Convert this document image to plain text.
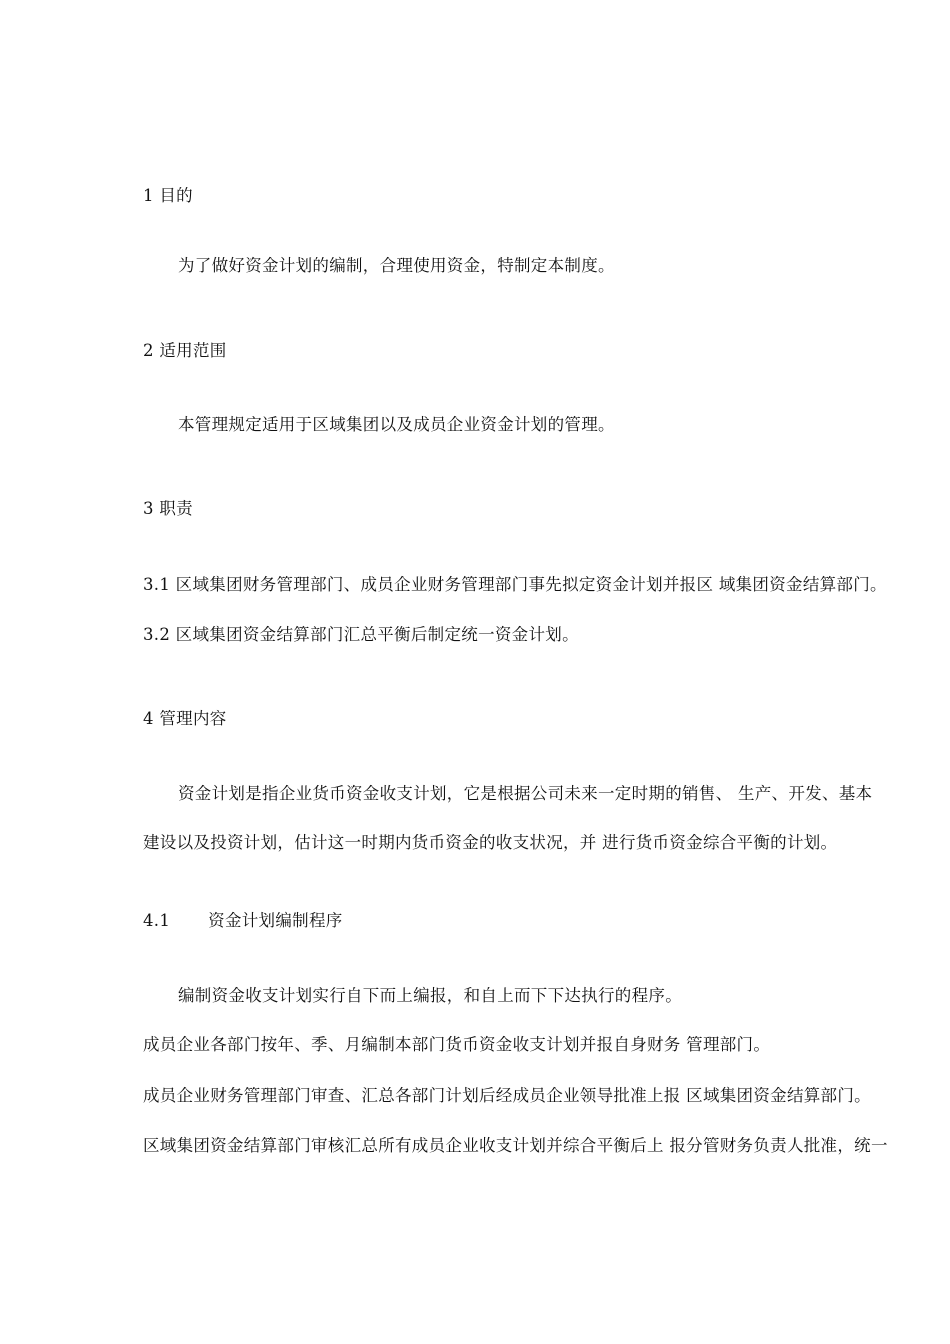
1 目的
为了做好资金计划的编制，合理使用资金，特制定本制度。
2 适用范围
本管理规定适用于区域集团以及成员企业资金计划的管理。
3 职责
3.1 区域集团财务管理部门、成员企业财务管理部门事先拟定资金计划并报区 域集团资金结算部门。
3.2 区域集团资金结算部门汇总平衡后制定统一资金计划。
4 管理内容
资金计划是指企业货币资金收支计划，它是根据公司未来一定时期的销售、 生产、开发、基本
建设以及投资计划，估计这一时期内货币资金的收支状况，并 进行货币资金综合平衡的计划。
4.1 资金计划编制程序
编制资金收支计划实行自下而上编报，和自上而下下达执行的程序。
成员企业各部门按年、季、月编制本部门货币资金收支计划并报自身财务 管理部门。
成员企业财务管理部门审查、汇总各部门计划后经成员企业领导批准上报 区域集团资金结算部门。
区域集团资金结算部门审核汇总所有成员企业收支计划并综合平衡后上 报分管财务负责人批准，统一
